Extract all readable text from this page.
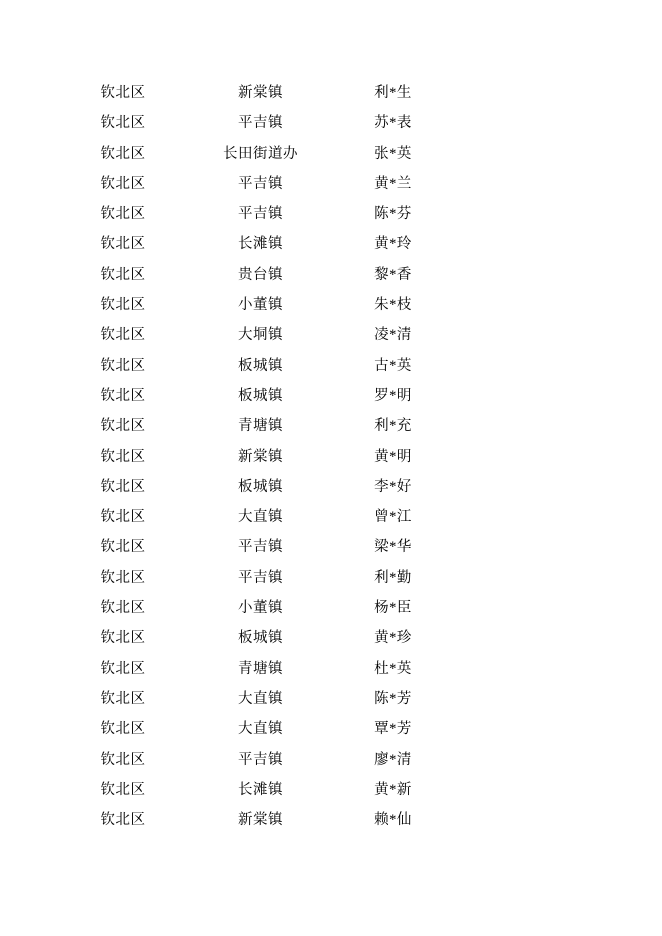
	钦北区	新棠镇	利*生
	钦北区	平吉镇	苏*表
	钦北区	长田街道办	张*英
	钦北区	平吉镇	黄*兰
	钦北区	平吉镇	陈*芬
	钦北区	长滩镇	黄*玲
	钦北区	贵台镇	黎*香
	钦北区	小董镇	朱*枝
	钦北区	大垌镇	凌*清
	钦北区	板城镇	古*英
	钦北区	板城镇	罗*明
	钦北区	青塘镇	利*充
	钦北区	新棠镇	黄*明
	钦北区	板城镇	李*好
	钦北区	大直镇	曾*江
	钦北区	平吉镇	梁*华
	钦北区	平吉镇	利*勤
	钦北区	小董镇	杨*臣
	钦北区	板城镇	黄*珍
	钦北区	青塘镇	杜*英
	钦北区	大直镇	陈*芳
	钦北区	大直镇	覃*芳
	钦北区	平吉镇	廖*清
	钦北区	长滩镇	黄*新
	钦北区	新棠镇	赖*仙
